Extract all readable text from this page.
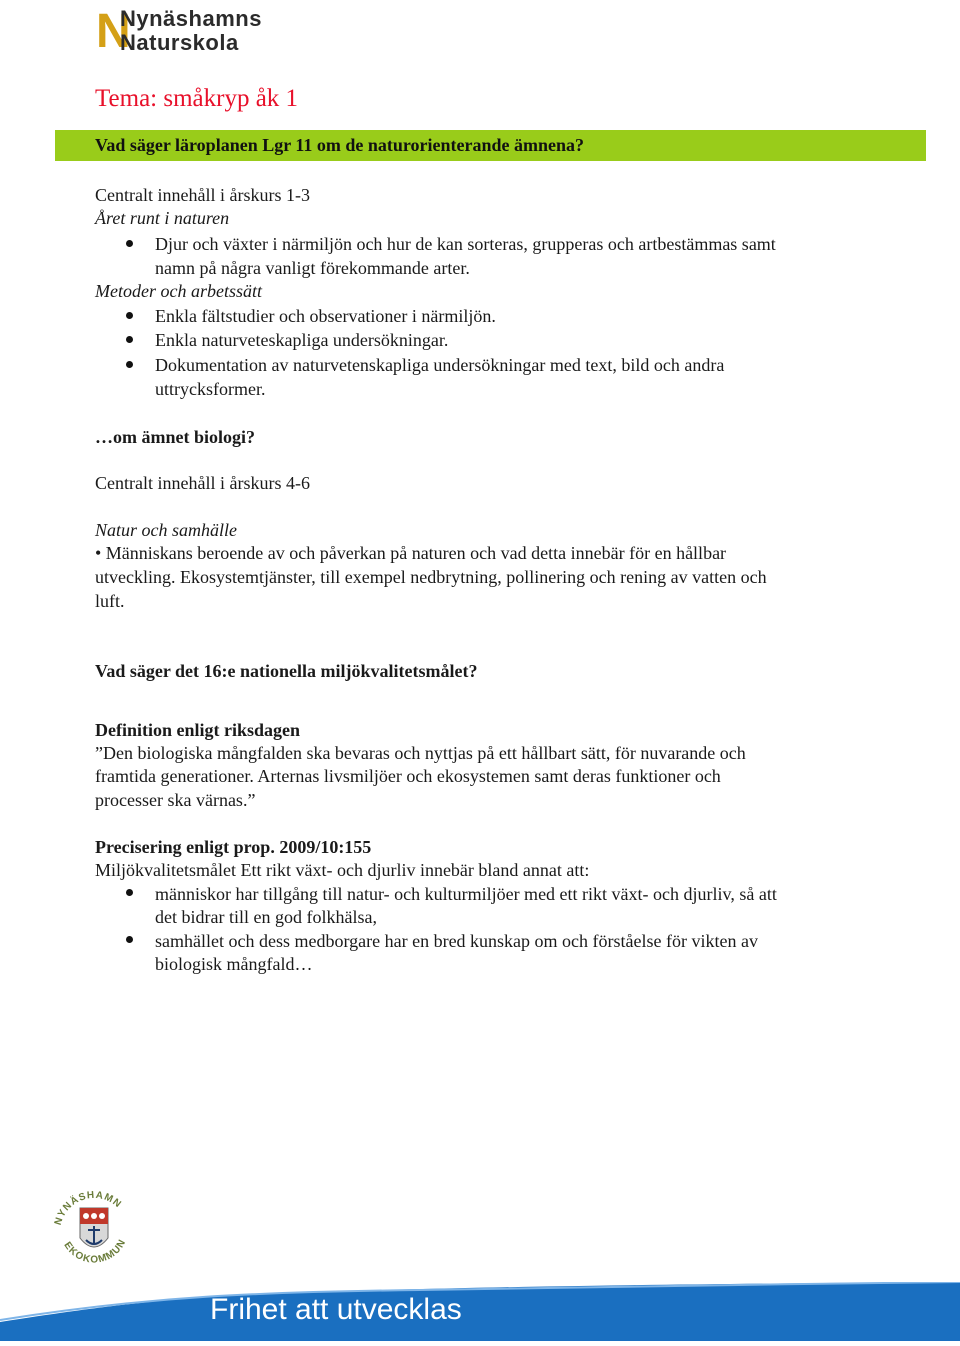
N
Nynäshamns
Naturskola
Tema: småkryp åk 1
Vad säger läroplanen Lgr 11 om de naturorienterande ämnena?
Centralt innehåll i årskurs 1-3
Året runt i naturen
Djur och växter i närmiljön och hur de kan sorteras, grupperas och artbestämmas samt
namn på några vanligt förekommande arter.
Metoder och arbetssätt
Enkla fältstudier och observationer i närmiljön.
Enkla naturveteskapliga undersökningar.
Dokumentation av naturvetenskapliga undersökningar med text, bild och andra
uttrycksformer.
…om ämnet biologi?
Centralt innehåll i årskurs 4-6
Natur och samhälle
• Människans beroende av och påverkan på naturen och vad detta innebär för en hållbar
utveckling. Ekosystemtjänster, till exempel nedbrytning, pollinering och rening av vatten och
luft.
Vad säger det 16:e nationella miljökvalitetsmålet?
Definition enligt riksdagen
”Den biologiska mångfalden ska bevaras och nyttjas på ett hållbart sätt, för nuvarande och
framtida generationer. Arternas livsmiljöer och ekosystemen samt deras funktioner och
processer ska värnas.”
Precisering enligt prop. 2009/10:155
Miljökvalitetsmålet Ett rikt växt- och djurliv innebär bland annat att:
människor har tillgång till natur- och kulturmiljöer med ett rikt växt- och djurliv, så att
det bidrar till en god folkhälsa,
samhället och dess medborgare har en bred kunskap om och förståelse för vikten av
biologisk mångfald…
NYNÄSHAMN
EKOKOMMUN
Frihet att utvecklas
